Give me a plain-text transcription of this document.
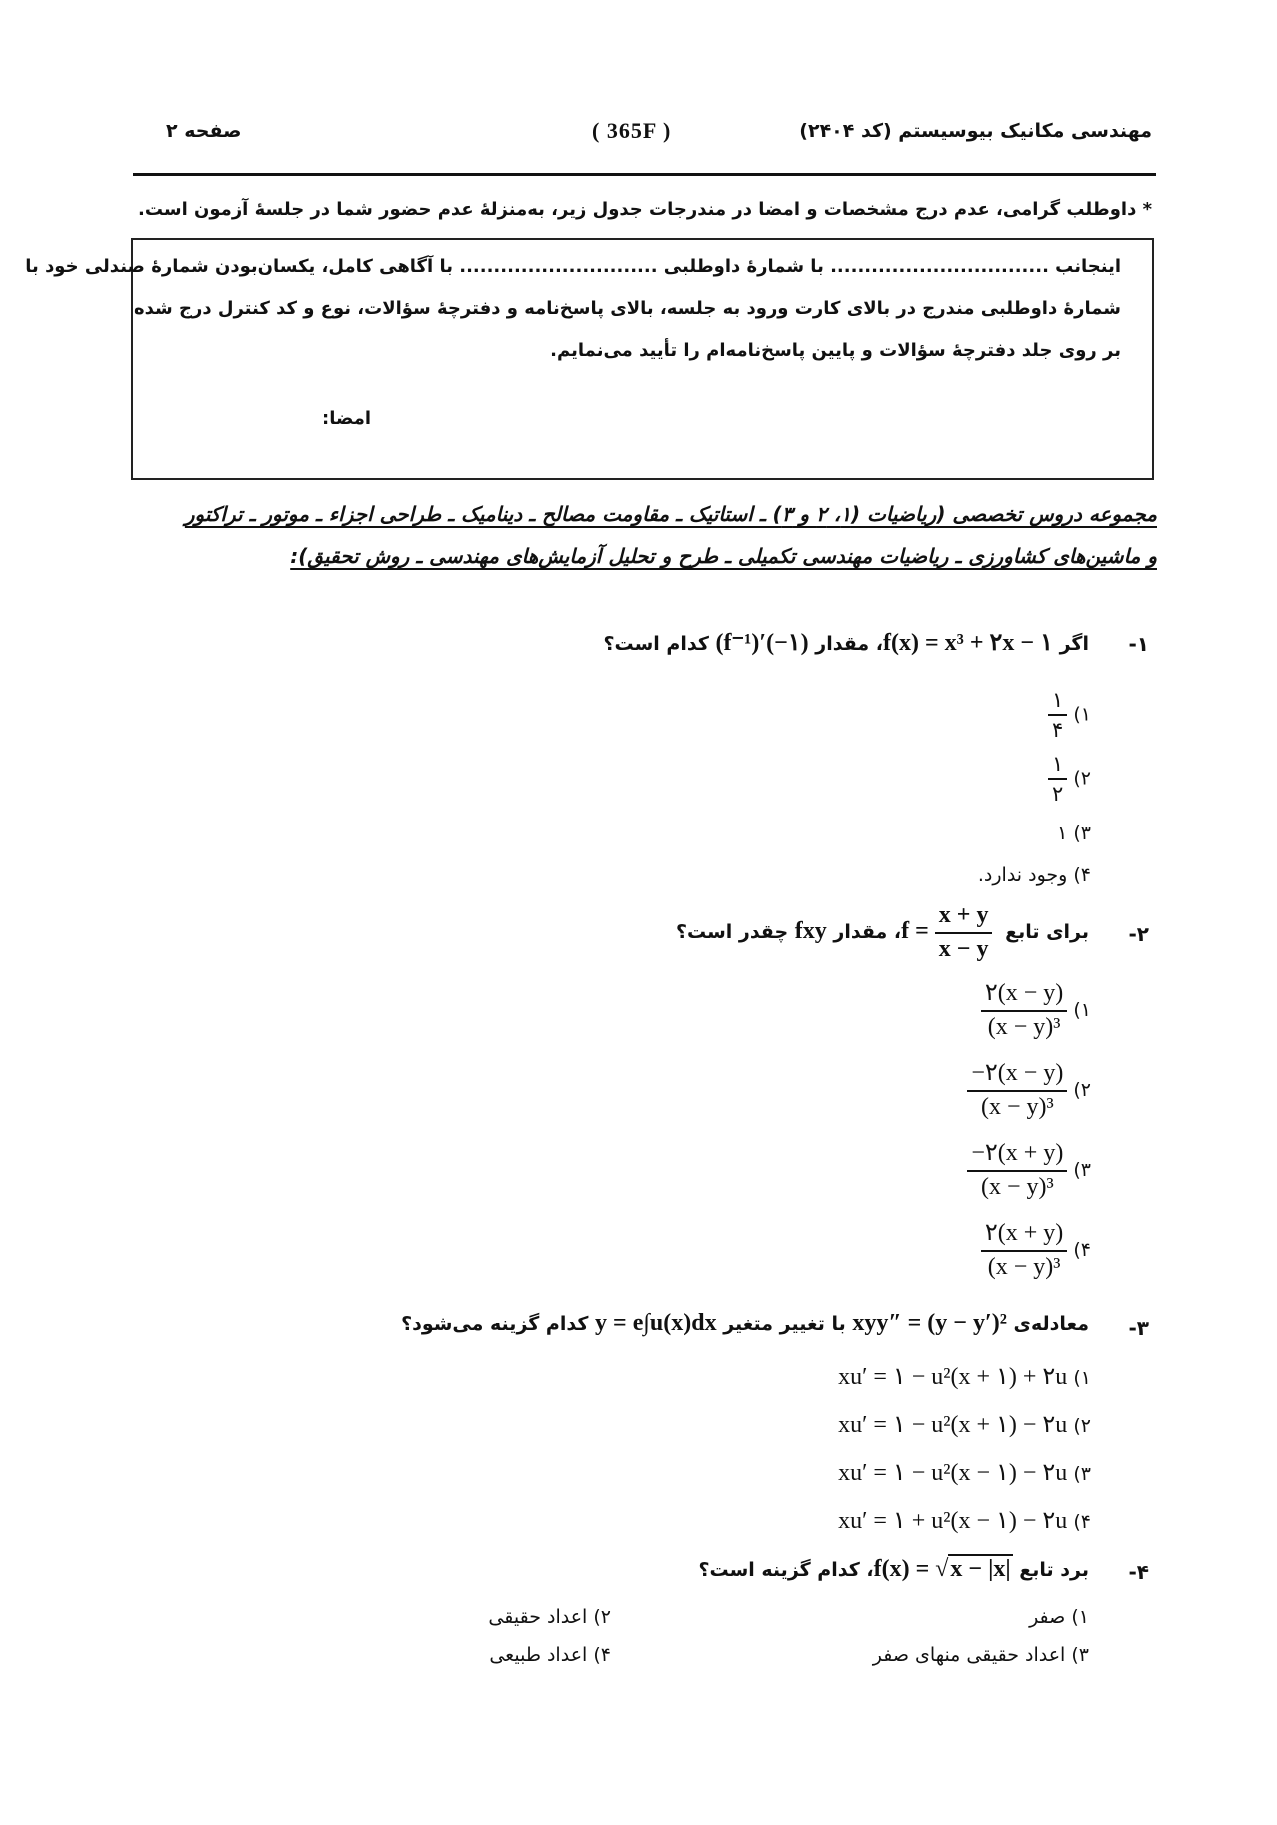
مهندسی مکانیک بیوسیستم (کد ۲۴۰۴)
( 365F )
صفحه ۲
* داوطلب گرامی، عدم درج مشخصات و امضا در مندرجات جدول زیر، به‌منزلهٔ عدم حضور شما در جلسهٔ آزمون است.
اینجانب ................................ با شمارهٔ داوطلبی ............................. با آگاهی کامل، یکسان‌بودن شمارهٔ صندلی خود با
شمارهٔ داوطلبی مندرج در بالای کارت ورود به جلسه، بالای پاسخ‌نامه و دفترچهٔ سؤالات، نوع و کد کنترل درج شده
بر روی جلد دفترچهٔ سؤالات و پایین پاسخ‌نامه‌ام را تأیید می‌نمایم.
امضا:
مجموعه دروس تخصصی (ریاضیات (۱، ۲ و ۳) ـ استاتیک ـ مقاومت مصالح ـ دینامیک ـ طراحی اجزاء ـ موتور ـ تراکتور
و ماشین‌های کشاورزی ـ ریاضیات مهندسی تکمیلی ـ طرح و تحلیل آزمایش‌های مهندسی ـ روش تحقیق):
۱-
اگر f(x) = x³ + ۲x − ۱، مقدار (f⁻¹)′(−۱) کدام است؟
۱)
$\frac{۱}{۴}$
۲)
$\frac{۱}{۲}$
۳) ۱
۴) وجود ندارد.
۲-
برای تابع $f = \frac{x + y}{x - y}$
، مقدار fxy چقدر است؟
۱)
$\frac{۲(x - y)}{\text{(x − y)³}}$
۲)
$\frac{-۲(x - y)}{\text{(x − y)³}}$
۳)
$\frac{-۲(x + y)}{\text{(x − y)³}}$
۴)
$\frac{۲(x + y)}{\text{(x − y)³}}$
۳-
معادله‌ی xyy″ = (y − y′)² با تغییر متغیر y = e∫u(x)dx کدام گزینه می‌شود؟
۱) xu′ = ۱ − u²(x + ۱) + ۲u
۲) xu′ = ۱ − u²(x + ۱) − ۲u
۳) xu′ = ۱ − u²(x − ۱) − ۲u
۴) xu′ = ۱ + u²(x − ۱) − ۲u
۴-
برد تابع f(x) = √x − |x|، کدام گزینه است؟
۱) صفر
۲) اعداد حقیقی
۳) اعداد حقیقی منهای صفر
۴) اعداد طبیعی
